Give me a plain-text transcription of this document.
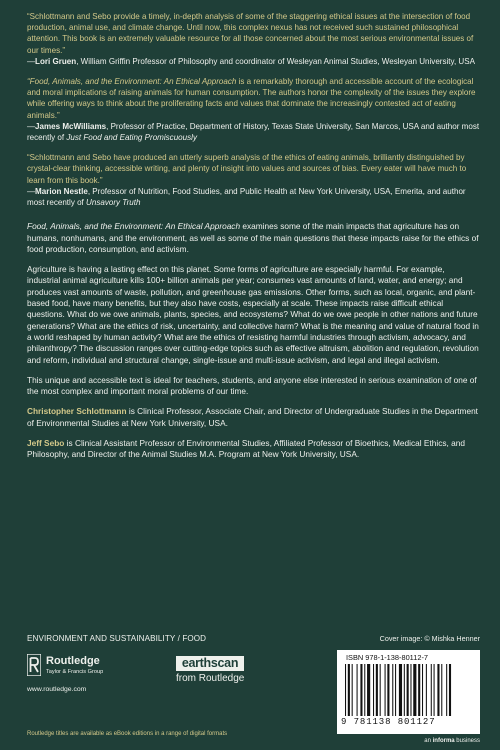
“Schlottmann and Sebo provide a timely, in-depth analysis of some of the staggering ethical issues at the intersection of food production, animal use, and climate change. Until now, this complex nexus has not received such sustained philosophical attention. This book is an extremely valuable resource for all those concerned about the most serious environmental issues of our times.”
—Lori Gruen, William Griffin Professor of Philosophy and coordinator of Wesleyan Animal Studies, Wesleyan University, USA

“Food, Animals, and the Environment: An Ethical Approach is a remarkably thorough and accessible account of the ecological and moral implications of raising animals for human consumption. The authors honor the complexity of the issues they explore while offering ways to think about the proliferating facts and values that dominate the increasingly contested act of eating animals.”
—James McWilliams, Professor of Practice, Department of History, Texas State University, San Marcos, USA and author most recently of Just Food and Eating Promiscuously

“Schlottmann and Sebo have produced an utterly superb analysis of the ethics of eating animals, brilliantly distinguished by crystal-clear thinking, accessible writing, and plenty of insight into values and sources of bias. Every eater will have much to learn from this book.”
—Marion Nestle, Professor of Nutrition, Food Studies, and Public Health at New York University, USA, Emerita, and author most recently of Unsavory Truth

Food, Animals, and the Environment: An Ethical Approach examines some of the main impacts that agriculture has on humans, nonhumans, and the environment, as well as some of the main questions that these impacts raise for the ethics of food production, consumption, and activism.

Agriculture is having a lasting effect on this planet. Some forms of agriculture are especially harmful. For example, industrial animal agriculture kills 100+ billion animals per year; consumes vast amounts of land, water, and energy; and produces vast amounts of waste, pollution, and greenhouse gas emissions. Other forms, such as local, organic, and plant-based food, have many benefits, but they also have costs, especially at scale. These impacts raise difficult ethical questions. What do we owe animals, plants, species, and ecosystems? What do we owe people in other nations and future generations? What are the ethics of risk, uncertainty, and collective harm? What is the meaning and value of natural food in a world reshaped by human activity? What are the ethics of resisting harmful industries through activism, advocacy, and philanthropy? The discussion ranges over cutting-edge topics such as effective altruism, abolition and regulation, revolution and reform, individual and structural change, single-issue and multi-issue activism, and legal and illegal activism.

This unique and accessible text is ideal for teachers, students, and anyone else interested in serious examination of one of the most complex and important moral problems of our time.

Christopher Schlottmann is Clinical Professor, Associate Chair, and Director of Undergraduate Studies in the Department of Environmental Studies at New York University, USA.

Jeff Sebo is Clinical Assistant Professor of Environmental Studies, Affiliated Professor of Bioethics, Medical Ethics, and Philosophy, and Director of the Animal Studies M.A. Program at New York University, USA.

ENVIRONMENT AND SUSTAINABILITY / FOOD	Cover image: © Mishka Henner
Routledge
Taylor & Francis Group
www.routledge.com
earthscan
from Routledge
ISBN 978-1-138-80112-7
9 781138 801127
an informa business
Routledge titles are available as eBook editions in a range of digital formats
